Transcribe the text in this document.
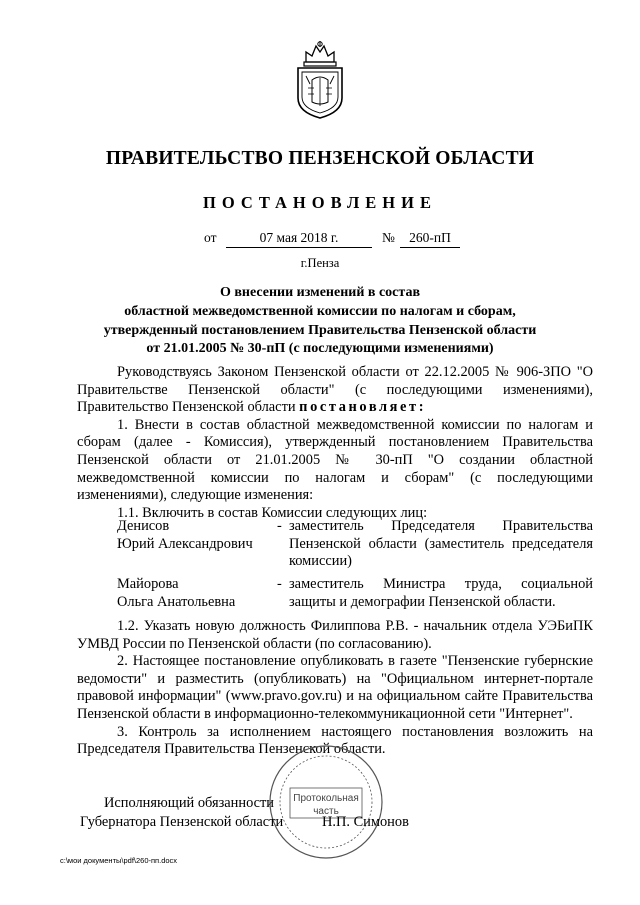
ПРАВИТЕЛЬСТВО ПЕНЗЕНСКОЙ ОБЛАСТИ
ПОСТАНОВЛЕНИЕ
от	07 мая 2018 г.	№	260-пП
г.Пенза
О внесении изменений в состав
областной межведомственной комиссии по налогам и сборам,
утвержденный постановлением Правительства Пензенской области
от 21.01.2005 № 30-пП (с последующими изменениями)

Руководствуясь Законом Пензенской области от 22.12.2005 № 906-ЗПО "О Правительстве Пензенской области" (с последующими изменениями), Правительство Пензенской области постановляет:

1. Внести в состав областной межведомственной комиссии по налогам и сборам (далее - Комиссия), утвержденный постановлением Правительства Пензенской области от 21.01.2005 № 30-пП "О создании областной межведомственной комиссии по налогам и сборам" (с последующими изменениями), следующие изменения:

1.1. Включить в состав Комиссии следующих лиц:

Денисов
Юрий Александрович
- заместитель Председателя Правительства Пензенской области (заместитель председателя комиссии)
Майорова
Ольга Анатольевна
- заместитель Министра труда, социальной защиты и демографии Пензенской области.

1.2. Указать новую должность Филиппова Р.В. - начальник отдела УЭБиПК УМВД России по Пензенской области (по согласованию).

2. Настоящее постановление опубликовать в газете "Пензенские губернские ведомости" и разместить (опубликовать) на "Официальном интернет-портале правовой информации" (www.pravo.gov.ru) и на официальном сайте Правительства Пензенской области в информационно-телекоммуникационной сети "Интернет".

3. Контроль за исполнением настоящего постановления возложить на Председателя Правительства Пензенской области.

Протокольная
часть
Исполняющий обязанности
Губернатора Пензенской области	Н.П. Симонов
c:\мои документы\pdf\260-пп.docx
